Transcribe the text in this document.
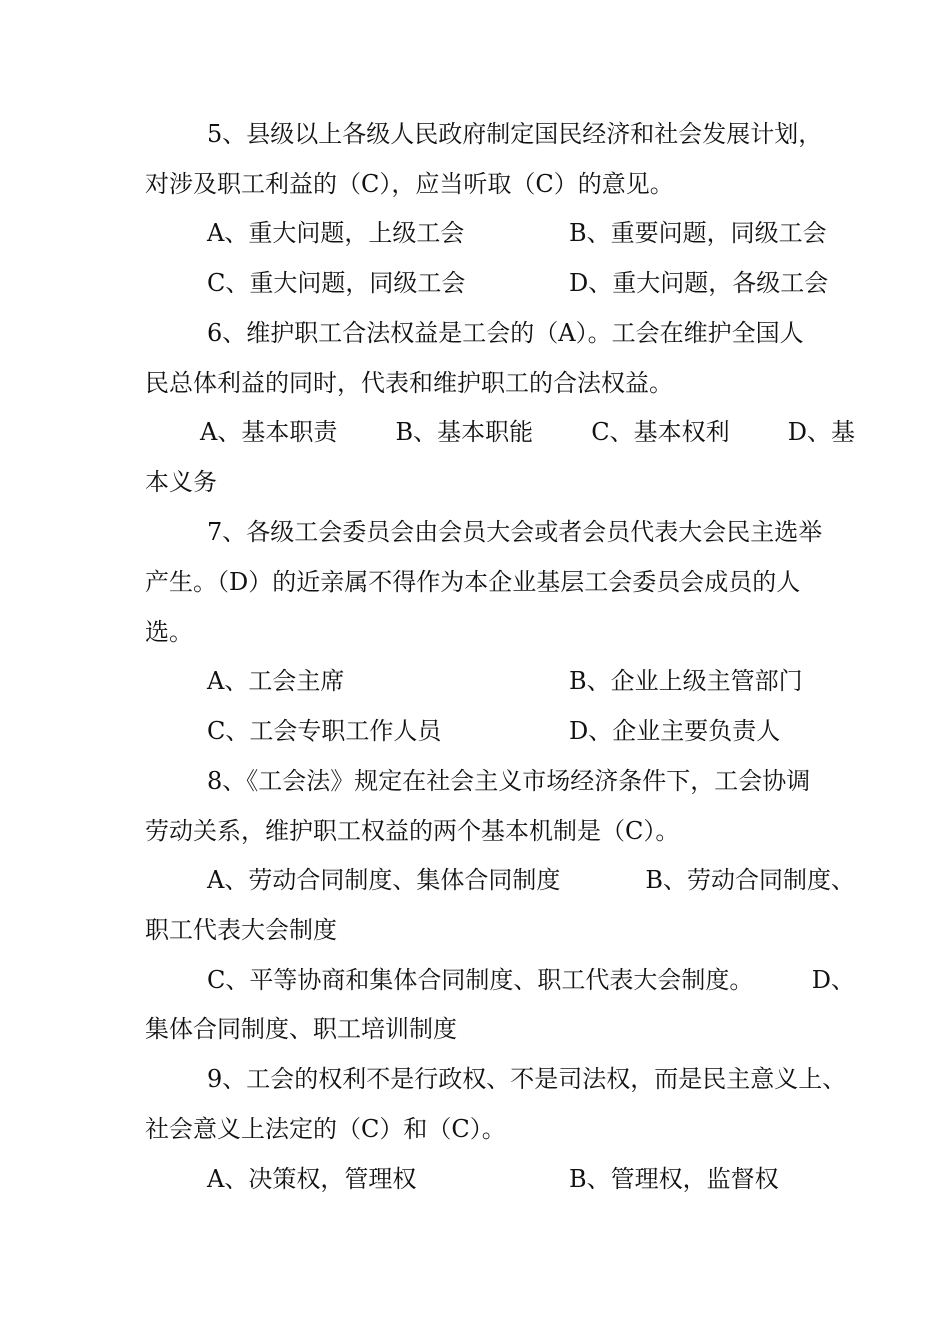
5、县级以上各级人民政府制定国民经济和社会发展计划，
对涉及职工利益的（C），应当听取（C）的意见。
A、重大问题，上级工会	B、重要问题，同级工会
C、重大问题，同级工会	D、重大问题，各级工会
6、维护职工合法权益是工会的（A）。工会在维护全国人
民总体利益的同时，代表和维护职工的合法权益。
A、基本职责 B、基本职能 C、基本权利 D、基
本义务
7、各级工会委员会由会员大会或者会员代表大会民主选举
产生。（D）的近亲属不得作为本企业基层工会委员会成员的人
选。
A、工会主席	B、企业上级主管部门
C、工会专职工作人员	D、企业主要负责人
8、《工会法》规定在社会主义市场经济条件下，工会协调
劳动关系，维护职工权益的两个基本机制是（C）。
A、劳动合同制度、集体合同制度	B、劳动合同制度、
职工代表大会制度
C、平等协商和集体合同制度、职工代表大会制度。 D、
集体合同制度、职工培训制度
9、工会的权利不是行政权、不是司法权，而是民主意义上、
社会意义上法定的（C）和（C）。
A、决策权，管理权	B、管理权，监督权
